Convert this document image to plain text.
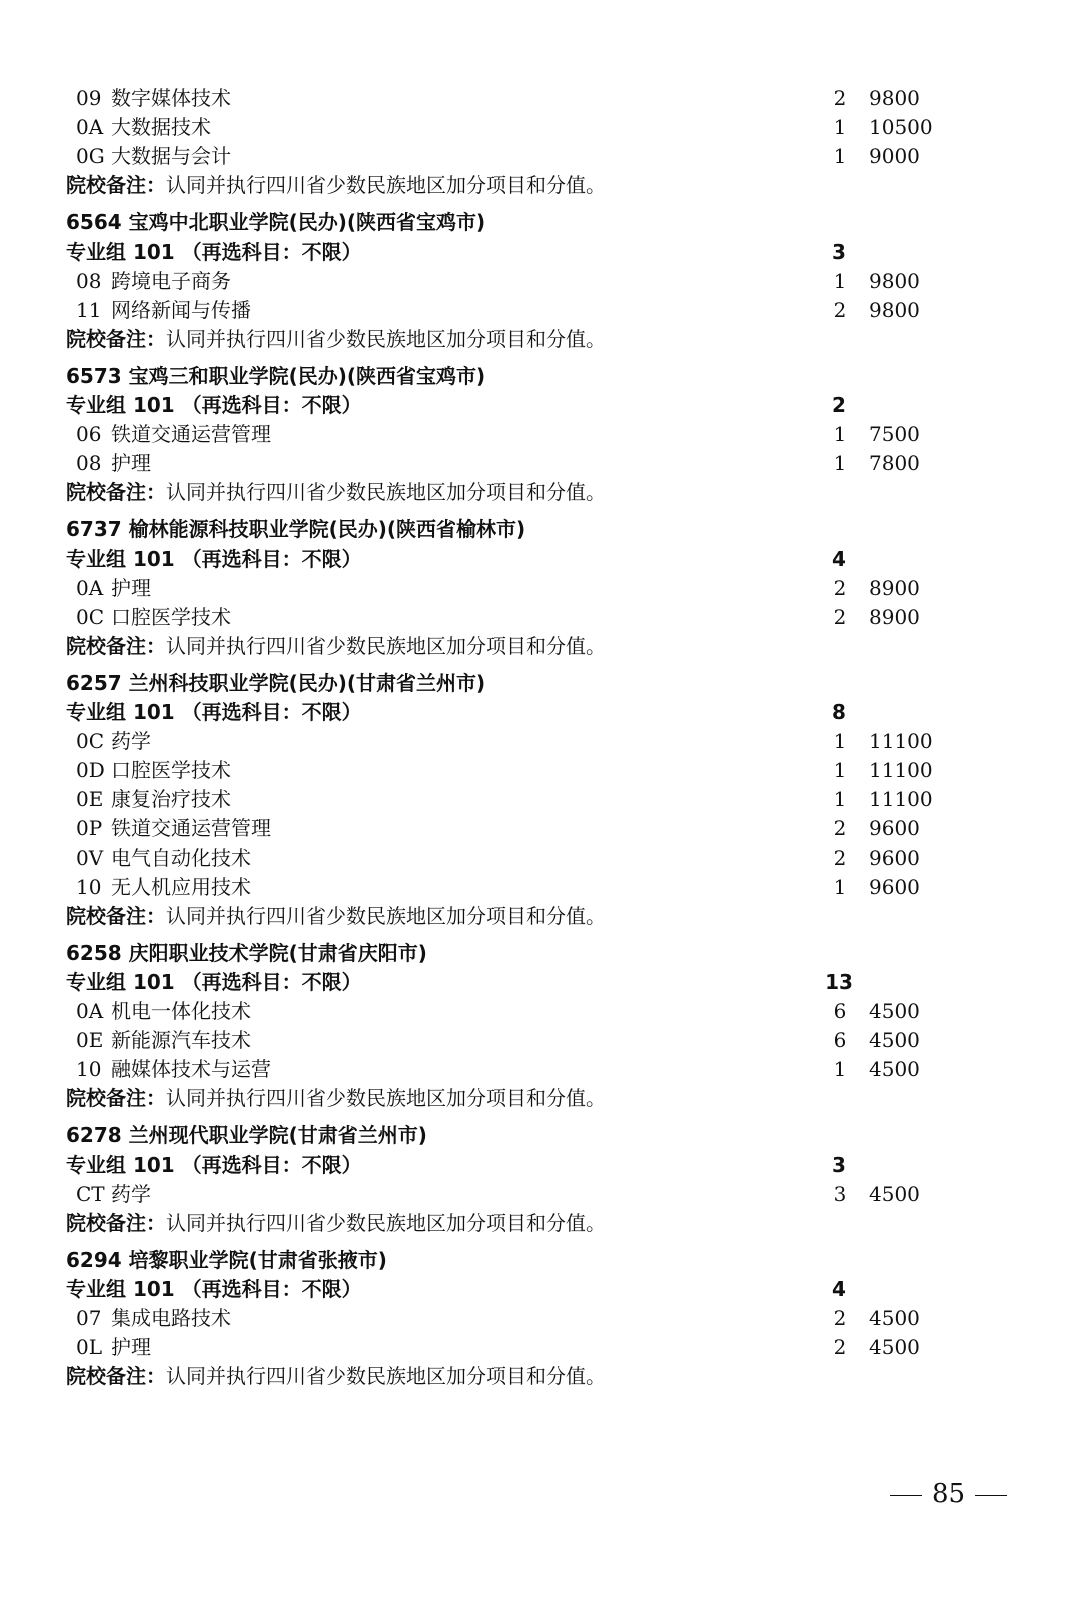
09 数字媒体技术	2 9800
0A 大数据技术	1 10500
0G 大数据与会计	1 9000
院校备注：认同并执行四川省少数民族地区加分项目和分值。
6564 宝鸡中北职业学院(民办)(陕西省宝鸡市)
专业组 101 （再选科目：不限）	3
08 跨境电子商务	1 9800
11 网络新闻与传播	2 9800
院校备注：认同并执行四川省少数民族地区加分项目和分值。
6573 宝鸡三和职业学院(民办)(陕西省宝鸡市)
专业组 101 （再选科目：不限）	2
06 铁道交通运营管理	1 7500
08 护理	1 7800
院校备注：认同并执行四川省少数民族地区加分项目和分值。
6737 榆林能源科技职业学院(民办)(陕西省榆林市)
专业组 101 （再选科目：不限）	4
0A 护理	2 8900
0C 口腔医学技术	2 8900
院校备注：认同并执行四川省少数民族地区加分项目和分值。
6257 兰州科技职业学院(民办)(甘肃省兰州市)
专业组 101 （再选科目：不限）	8
0C 药学	1 11100
0D 口腔医学技术	1 11100
0E 康复治疗技术	1 11100
0P 铁道交通运营管理	2 9600
0V 电气自动化技术	2 9600
10 无人机应用技术	1 9600
院校备注：认同并执行四川省少数民族地区加分项目和分值。
6258 庆阳职业技术学院(甘肃省庆阳市)
专业组 101 （再选科目：不限）	13
0A 机电一体化技术	6 4500
0E 新能源汽车技术	6 4500
10 融媒体技术与运营	1 4500
院校备注：认同并执行四川省少数民族地区加分项目和分值。
6278 兰州现代职业学院(甘肃省兰州市)
专业组 101 （再选科目：不限）	3
CT 药学	3 4500
院校备注：认同并执行四川省少数民族地区加分项目和分值。
6294 培黎职业学院(甘肃省张掖市)
专业组 101 （再选科目：不限）	4
07 集成电路技术	2 4500
0L 护理	2 4500
院校备注：认同并执行四川省少数民族地区加分项目和分值。
85
